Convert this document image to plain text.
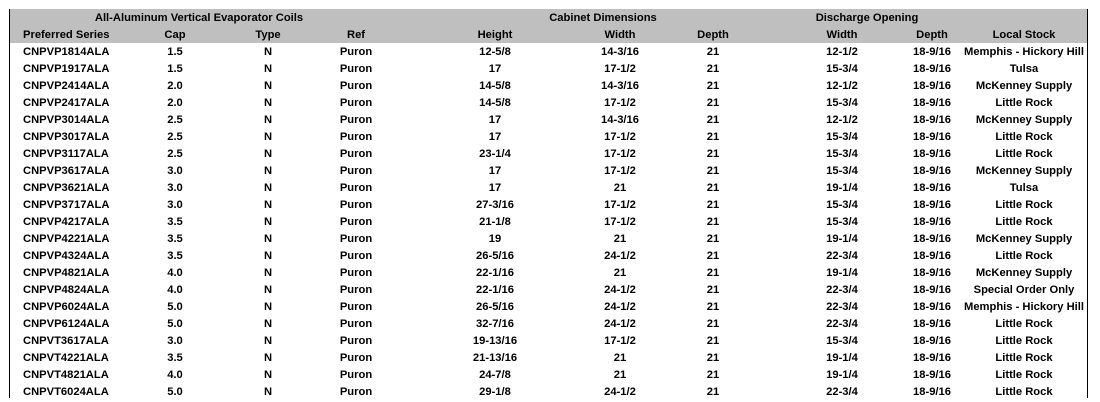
All-Aluminum Vertical Evaporator Coils	Cabinet Dimensions	Discharge Opening
Preferred Series	Cap	Type	Ref	Height	Width	Depth	Width	Depth	Local Stock
CNPVP1814ALA	1.5	N	Puron	12-5/8	14-3/16	21	12-1/2	18-9/16 Memphis - Hickory Hill
CNPVP1917ALA	1.5	N	Puron	17	17-1/2	21	15-3/4	18-9/16	Tulsa
CNPVP2414ALA	2.0	N	Puron	14-5/8	14-3/16	21	12-1/2	18-9/16 McKenney Supply
CNPVP2417ALA	2.0	N	Puron	14-5/8	17-1/2	21	15-3/4	18-9/16	Little Rock
CNPVP3014ALA	2.5	N	Puron	17	14-3/16	21	12-1/2	18-9/16 McKenney Supply
CNPVP3017ALA	2.5	N	Puron	17	17-1/2	21	15-3/4	18-9/16	Little Rock
CNPVP3117ALA	2.5	N	Puron	23-1/4	17-1/2	21	15-3/4	18-9/16	Little Rock
CNPVP3617ALA	3.0	N	Puron	17	17-1/2	21	15-3/4	18-9/16 McKenney Supply
CNPVP3621ALA	3.0	N	Puron	17	21	21	19-1/4	18-9/16	Tulsa
CNPVP3717ALA	3.0	N	Puron	27-3/16	17-1/2	21	15-3/4	18-9/16	Little Rock
CNPVP4217ALA	3.5	N	Puron	21-1/8	17-1/2	21	15-3/4	18-9/16	Little Rock
CNPVP4221ALA	3.5	N	Puron	19	21	21	19-1/4	18-9/16 McKenney Supply
CNPVP4324ALA	3.5	N	Puron	26-5/16	24-1/2	21	22-3/4	18-9/16	Little Rock
CNPVP4821ALA	4.0	N	Puron	22-1/16	21	21	19-1/4	18-9/16 McKenney Supply
CNPVP4824ALA	4.0	N	Puron	22-1/16	24-1/2	21	22-3/4	18-9/16 Special Order Only
CNPVP6024ALA	5.0	N	Puron	26-5/16	24-1/2	21	22-3/4	18-9/16 Memphis - Hickory Hill
CNPVP6124ALA	5.0	N	Puron	32-7/16	24-1/2	21	22-3/4	18-9/16	Little Rock
CNPVT3617ALA	3.0	N	Puron	19-13/16	17-1/2	21	15-3/4	18-9/16	Little Rock
CNPVT4221ALA	3.5	N	Puron	21-13/16	21	21	19-1/4	18-9/16	Little Rock
CNPVT4821ALA	4.0	N	Puron	24-7/8	21	21	19-1/4	18-9/16	Little Rock
CNPVT6024ALA	5.0	N	Puron	29-1/8	24-1/2	21	22-3/4	18-9/16	Little Rock
